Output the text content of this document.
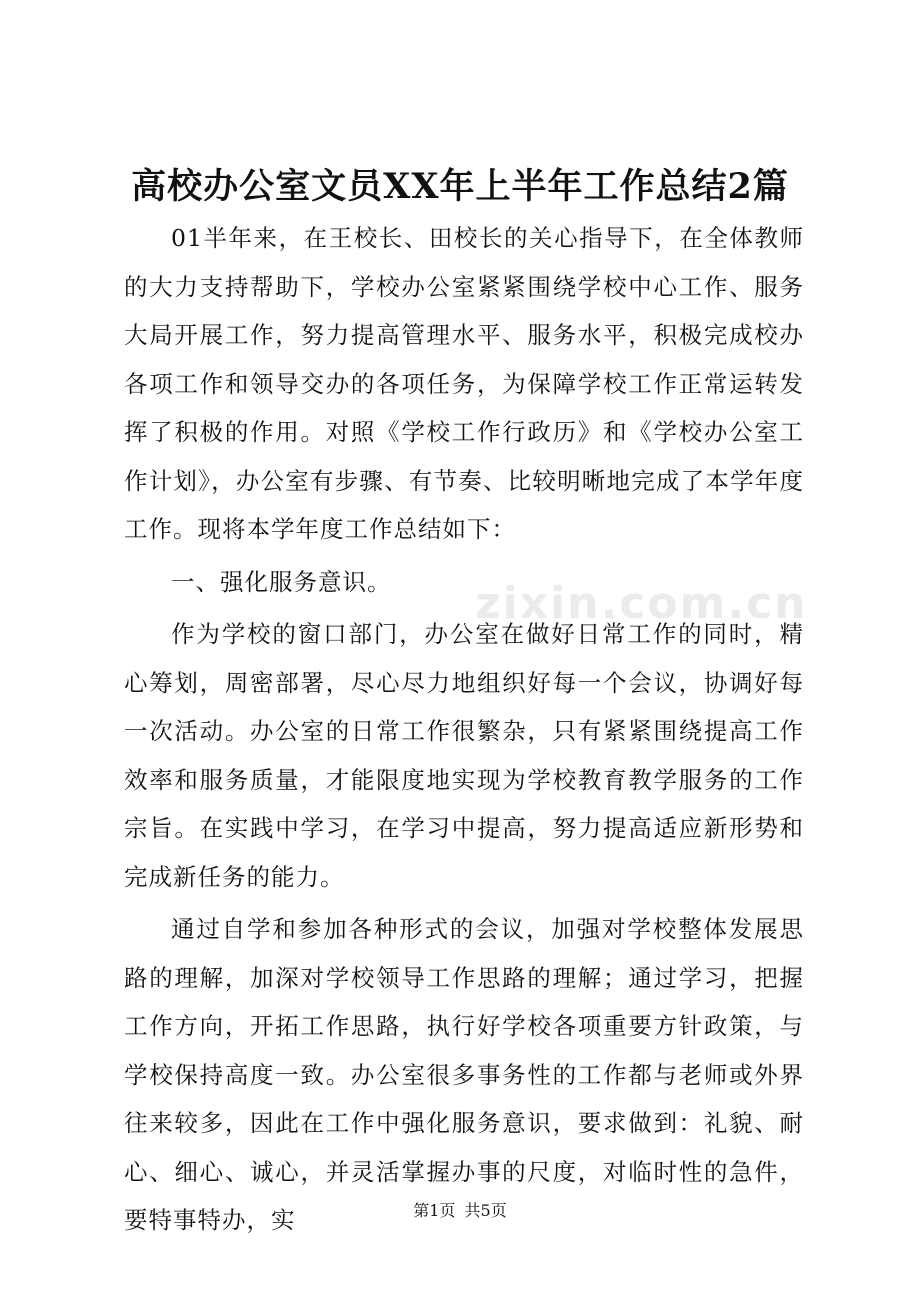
高校办公室文员XX年上半年工作总结2篇

01半年来，在王校长、田校长的关心指导下，在全体教师的大力支持帮助下，学校办公室紧紧围绕学校中心工作、服务大局开展工作，努力提高管理水平、服务水平，积极完成校办各项工作和领导交办的各项任务，为保障学校工作正常运转发挥了积极的作用。对照《学校工作行政历》和《学校办公室工作计划》，办公室有步骤、有节奏、比较明晰地完成了本学年度工作。现将本学年度工作总结如下：

一、强化服务意识。

作为学校的窗口部门，办公室在做好日常工作的同时，精心筹划，周密部署，尽心尽力地组织好每一个会议，协调好每一次活动。办公室的日常工作很繁杂，只有紧紧围绕提高工作效率和服务质量，才能限度地实现为学校教育教学服务的工作宗旨。在实践中学习，在学习中提高，努力提高适应新形势和完成新任务的能力。

通过自学和参加各种形式的会议，加强对学校整体发展思路的理解，加深对学校领导工作思路的理解；通过学习，把握工作方向，开拓工作思路，执行好学校各项重要方针政策，与学校保持高度一致。办公室很多事务性的工作都与老师或外界往来较多，因此在工作中强化服务意识，要求做到：礼貌、耐心、细心、诚心，并灵活掌握办事的尺度，对临时性的急件，要特事特办，实

zixin.com.cn
第1页 共5页
